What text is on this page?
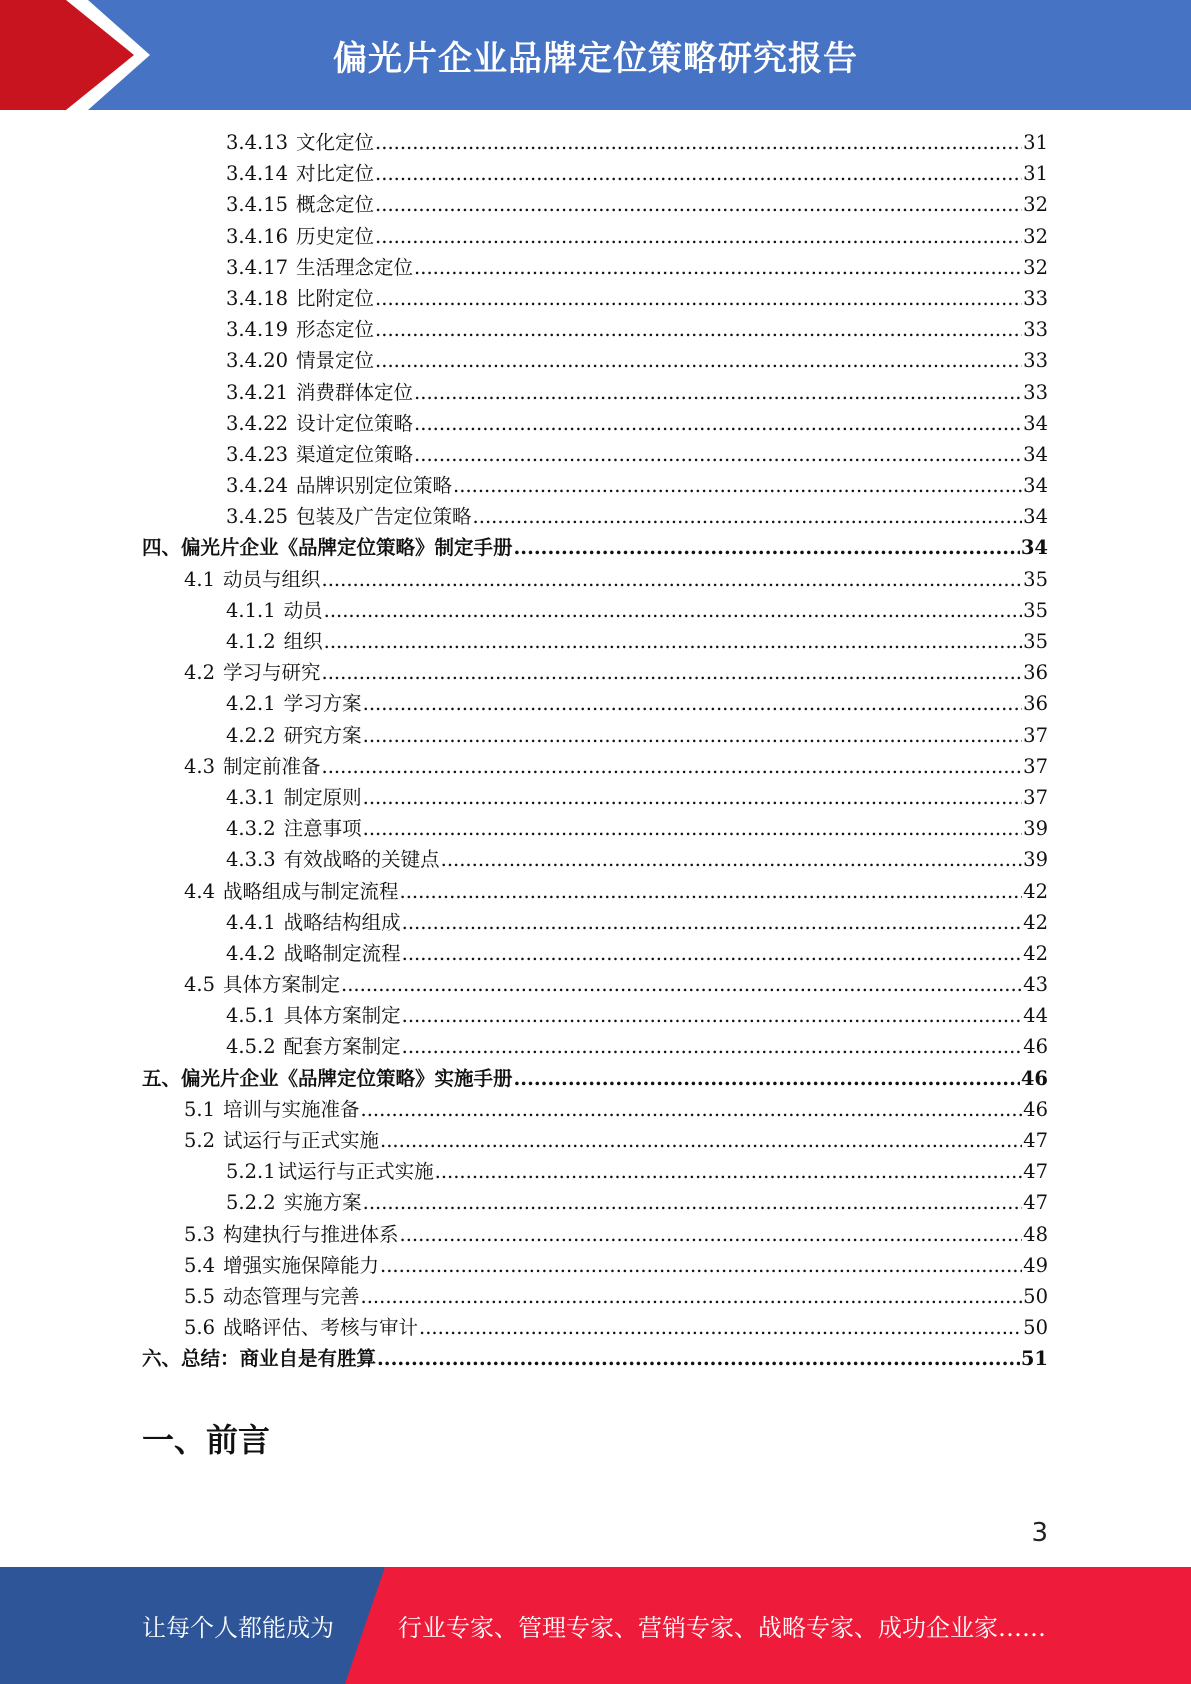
偏光片企业品牌定位策略研究报告
3.4.13 文化定位 .....	31
3.4.14 对比定位 .....	31
3.4.15 概念定位 .....	32
3.4.16 历史定位 .....	32
3.4.17 生活理念定位 .....	32
3.4.18 比附定位 .....	33
3.4.19 形态定位 .....	33
3.4.20 情景定位 .....	33
3.4.21 消费群体定位 .....	33
3.4.22 设计定位策略 .....	34
3.4.23 渠道定位策略 .....	34
3.4.24 品牌识别定位策略 .....	34
3.4.25 包装及广告定位策略 .....	34
四、偏光片企业《品牌定位策略》制定手册 .....	34
4.1 动员与组织 .....	35
4.1.1 动员 .....	35
4.1.2 组织 .....	35
4.2 学习与研究 .....	36
4.2.1 学习方案 .....	36
4.2.2 研究方案 .....	37
4.3 制定前准备 .....	37
4.3.1 制定原则 .....	37
4.3.2 注意事项 .....	39
4.3.3 有效战略的关键点 .....	39
4.4 战略组成与制定流程 .....	42
4.4.1 战略结构组成 .....	42
4.4.2 战略制定流程 .....	42
4.5 具体方案制定 .....	43
4.5.1 具体方案制定 .....	44
4.5.2 配套方案制定 .....	46
五、偏光片企业《品牌定位策略》实施手册 .....	46
5.1 培训与实施准备 .....	46
5.2 试运行与正式实施 .....	47
5.2.1 试运行与正式实施 .....	47
5.2.2 实施方案 .....	47
5.3 构建执行与推进体系 .....	48
5.4 增强实施保障能力 .....	49
5.5 动态管理与完善 .....	50
5.6 战略评估、考核与审计 .....	50
六、总结：商业自是有胜算 .....	51
一、前言
3
让每个人都能成为	行业专家、管理专家、营销专家、战略专家、成功企业家……
